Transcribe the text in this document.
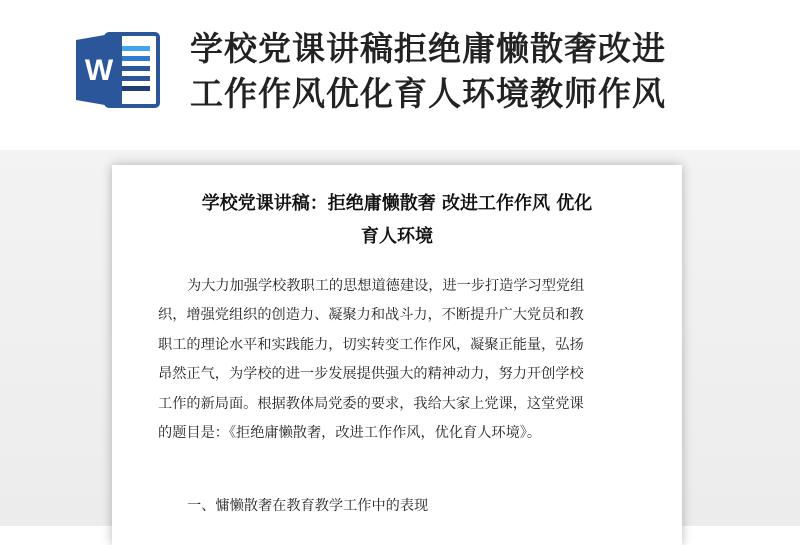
W
学校党课讲稿拒绝庸懒散奢改进
工作作风优化育人环境教师作风
学校党课讲稿：拒绝庸懒散奢 改进工作作风 优化
育人环境
为大力加强学校教职工的思想道德建设，进一步打造学习型党组
织，增强党组织的创造力、凝聚力和战斗力，不断提升广大党员和教
职工的理论水平和实践能力，切实转变工作作风，凝聚正能量，弘扬
昂然正气，为学校的进一步发展提供强大的精神动力，努力开创学校
工作的新局面。根据教体局党委的要求，我给大家上党课，这堂党课
的题目是：《拒绝庸懒散奢，改进工作作风，优化育人环境》。
一、慵懒散奢在教育教学工作中的表现
